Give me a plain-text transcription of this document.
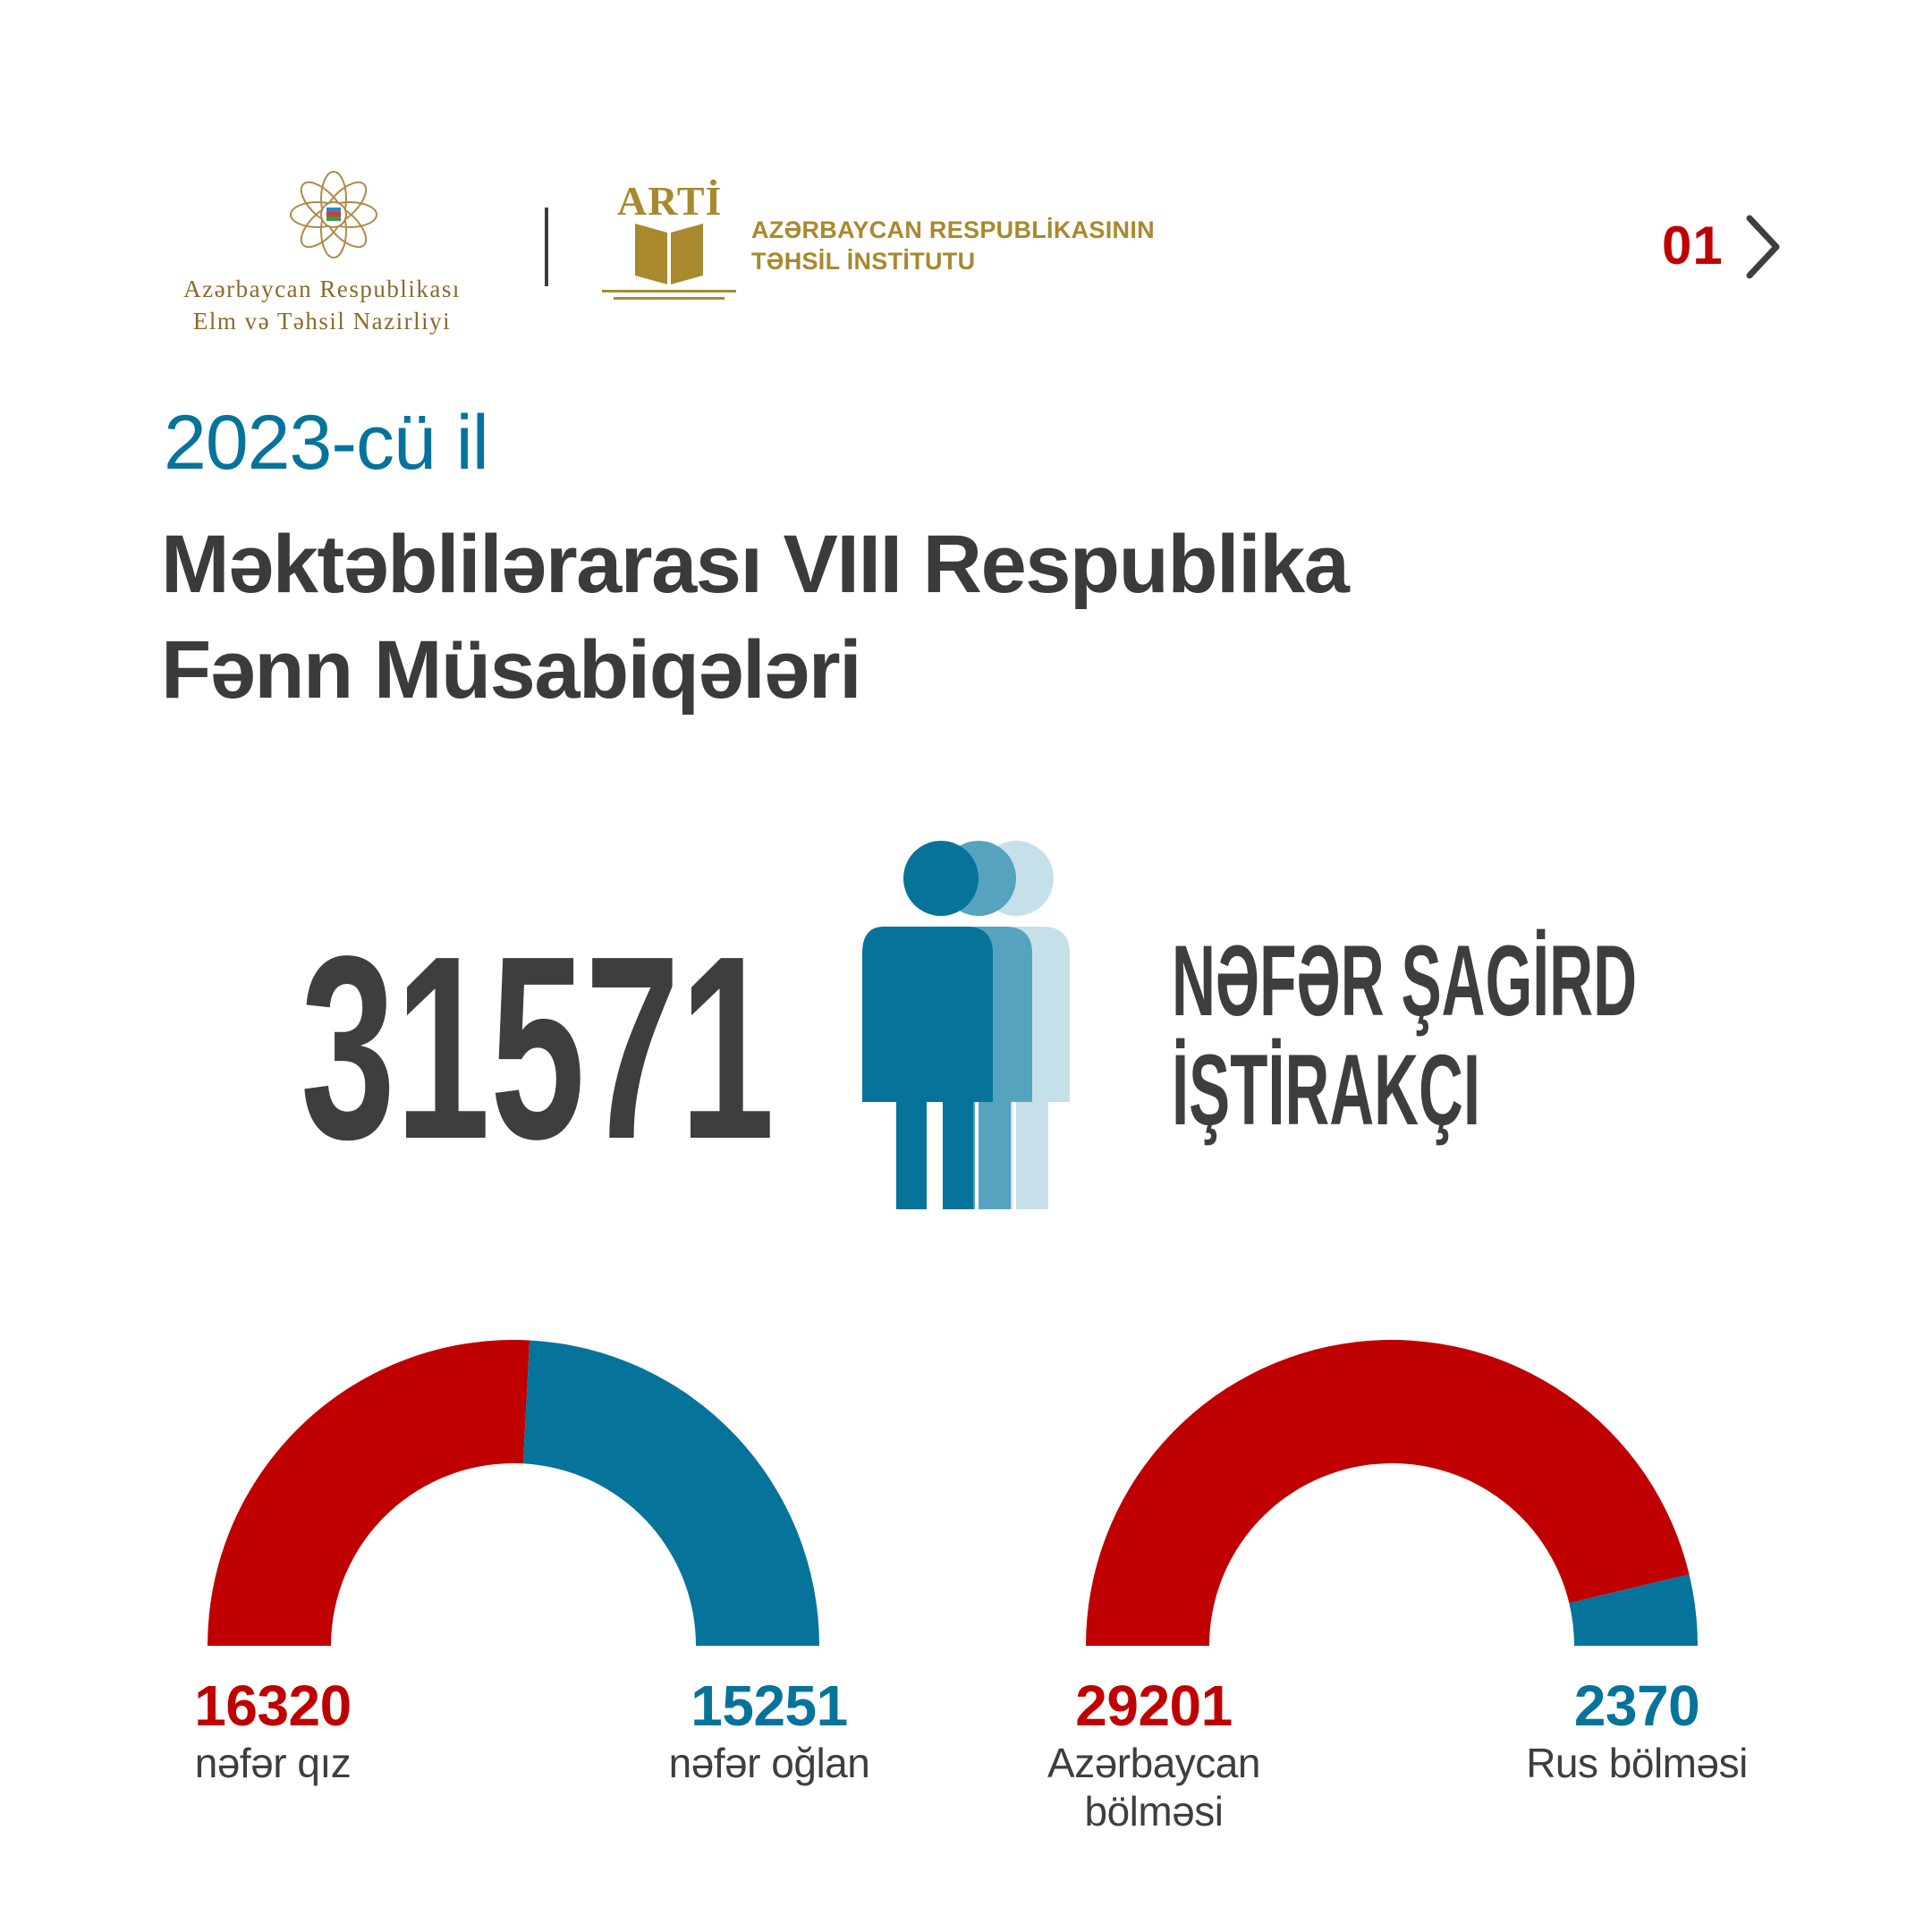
Azərbaycan Respublikası
Elm və Təhsil Nazirliyi
ARTİ
AZƏRBAYCAN RESPUBLİKASININ
TƏHSİL İNSTİTUTU	01
2023-cü il
Məktəblilərarası VIII Respublika
Fənn Müsabiqələri
31571	NƏFƏR ŞAGİRD
İŞTİRAKÇI
16320
nəfər qız
15251
nəfər oğlan
29201
Azərbaycan
bölməsi
2370
Rus bölməsi
